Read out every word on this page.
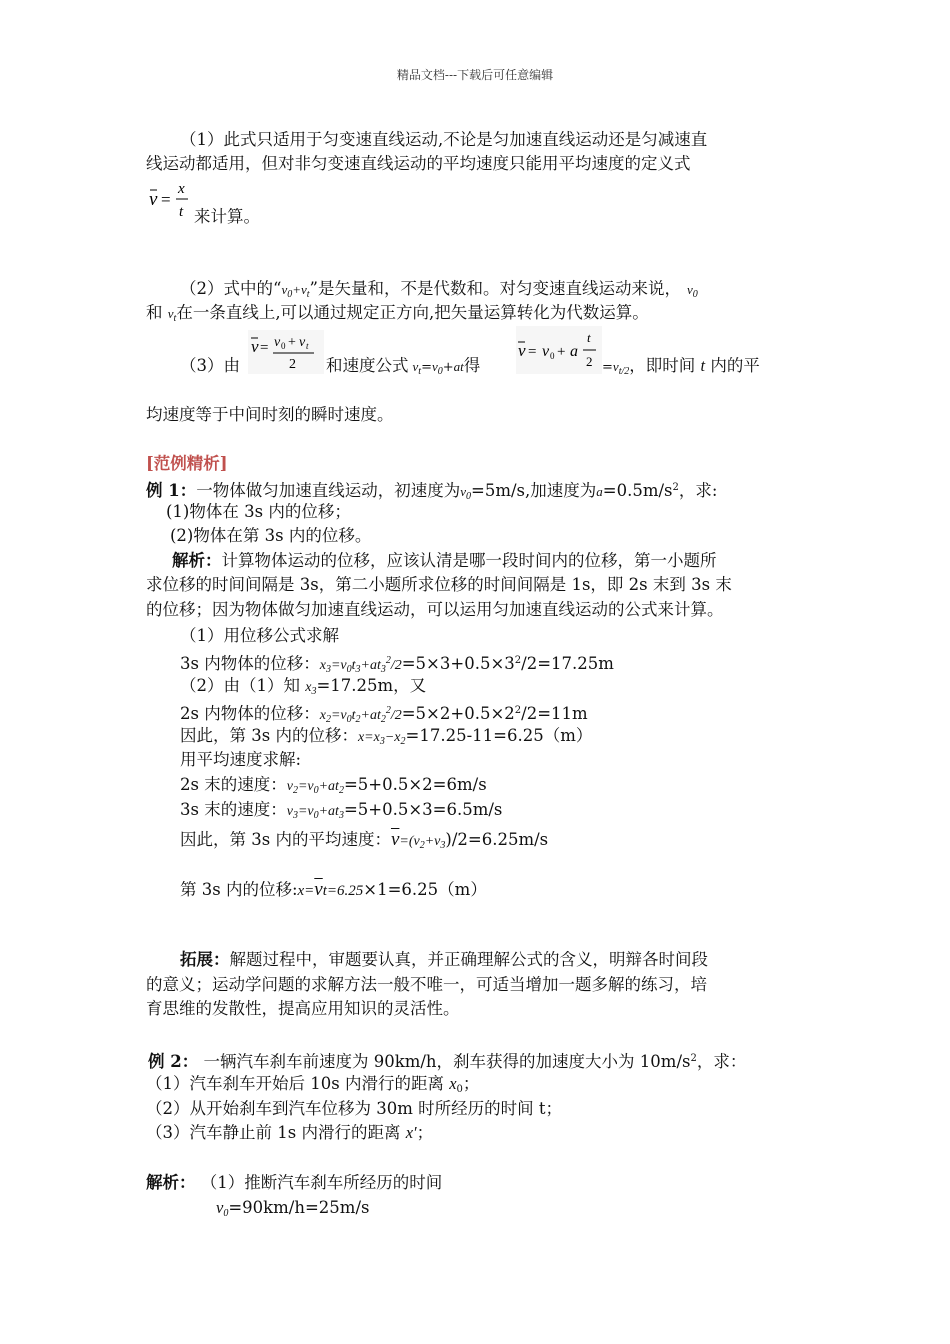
精品文档---下载后可任意编辑
（1）此式只适用于匀变速直线运动,不论是匀加速直线运动还是匀减速直
线运动都适用，但对非匀变速直线运动的平均速度只能用平均速度的定义式
v =
x
t 来计算。
（2）式中的“$v_0+v_t$”是矢量和，不是代数和。对匀变速直线运动来说， $v_0$
和 $v_t$在一条直线上,可以通过规定正方向,把矢量运算转化为代数运算。
（3）由
v = v 0 + v t
2 和速度公式 $v_t=v_0+at$得
v = v 0 + a
t
$2 =v_{t/2}$，即时间 t 内的平
均速度等于中间时刻的瞬时速度。
[范例精析]
例 1：一物体做匀加速直线运动，初速度为$v_0=5m/s$,加速度为$a=0.5m/s^2$，求:
(1)物体在 3s 内的位移；
(2)物体在第 3s 内的位移。
解析：计算物体运动的位移，应该认清是哪一段时间内的位移，第一小题所
求位移的时间间隔是 3s，第二小题所求位移的时间间隔是 1s，即 2s 末到 3s 末
的位移；因为物体做匀加速直线运动，可以运用匀加速直线运动的公式来计算。
（1）用位移公式求解
3s 内物体的位移：$x_3=v_0t_3+at_3^2/2=5\times 3+0.5\times 3^2/2=17.25m$
（2）由（1）知 $x_3=17.25m$，又
2s 内物体的位移：$x_2=v_0t_2+at_2^2/2=5\times 2+0.5\times 2^2/2=11m$
因此，第 3s 内的位移：$x=x_3-x_2=17.25-11=6.25(m)$
用平均速度求解:
2s 末的速度：$v_2=v_0+at_2=5+0.5\times 2=6m/s$
3s 末的速度：$v_3=v_0+at_3=5+0.5\times 3=6.5m/s$
因此，第 3s 内的平均速度：$\overline{v}=(v_2+v_3)/2=6.25m/s$
第 3s 内的位移$:x=\overline{v}t=6.25\times 1=6.25(m)$
拓展：解题过程中，审题要认真，并正确理解公式的含义，明辩各时间段
的意义；运动学问题的求解方法一般不唯一，可适当增加一题多解的练习，培
育思维的发散性，提高应用知识的灵活性。
例 2： 一辆汽车刹车前速度为 90km/h，刹车获得的加速度大小为 $10m/s^2$，求：
（1）汽车刹车开始后 10s 内滑行的距离 $x_0$；
（2）从开始刹车到汽车位移为 30m 时所经历的时间 t；
（3）汽车静止前 1s 内滑行的距离 x′；
解析： （1）推断汽车刹车所经历的时间
$v_0=90km/h=25m/s$
